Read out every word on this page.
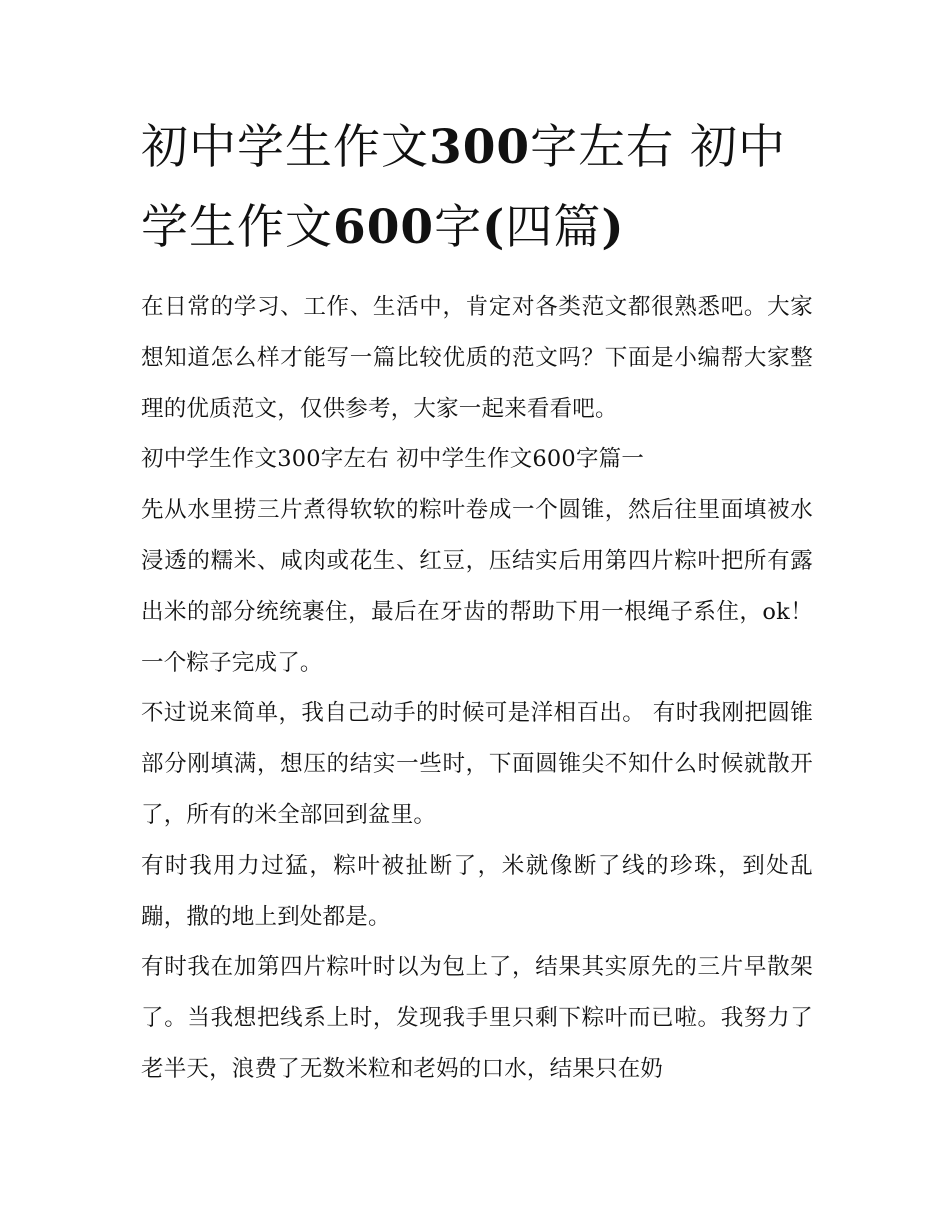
初中学生作文300字左右 初中学生作文600字(四篇)

在日常的学习、工作、生活中，肯定对各类范文都很熟悉吧。大家想知道怎么样才能写一篇比较优质的范文吗？下面是小编帮大家整理的优质范文，仅供参考，大家一起来看看吧。

初中学生作文300字左右 初中学生作文600字篇一

先从水里捞三片煮得软软的粽叶卷成一个圆锥，然后往里面填被水浸透的糯米、咸肉或花生、红豆，压结实后用第四片粽叶把所有露出米的部分统统裹住，最后在牙齿的帮助下用一根绳子系住，ok！一个粽子完成了。

不过说来简单，我自己动手的时候可是洋相百出。 有时我刚把圆锥部分刚填满，想压的结实一些时，下面圆锥尖不知什么时候就散开了，所有的米全部回到盆里。

有时我用力过猛，粽叶被扯断了，米就像断了线的珍珠，到处乱蹦，撒的地上到处都是。

有时我在加第四片粽叶时以为包上了，结果其实原先的三片早散架了。当我想把线系上时，发现我手里只剩下粽叶而已啦。我努力了老半天，浪费了无数米粒和老妈的口水，结果只在奶
